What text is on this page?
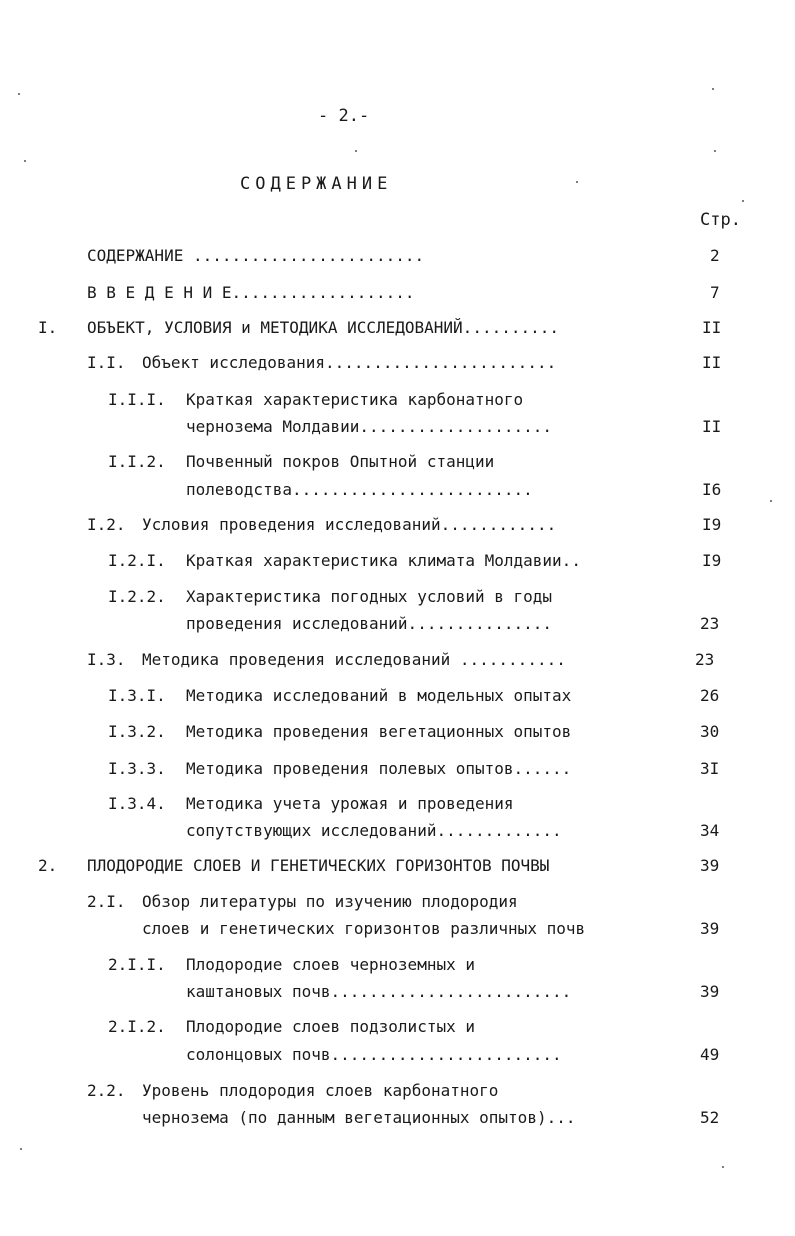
- 2.-
СОДЕРЖАНИЕ
Стр.
СОДЕРЖАНИЕ ........................	2
В В Е Д Е Н И Е...................	7
I. ОБЪЕКТ, УСЛОВИЯ и МЕТОДИКА ИССЛЕДОВАНИЙ..........	II
I.I. Объект исследования........................	II
I.I.I. Краткая характеристика карбонатного
чернозема Молдавии....................	II
I.I.2. Почвенный покров Опытной станции
полеводства.........................	I6
I.2. Условия проведения исследований............	I9
I.2.I. Краткая характеристика климата Молдавии..	I9
I.2.2. Характеристика погодных условий в годы
проведения исследований...............	23
I.3. Методика проведения исследований ...........	23
I.3.I. Методика исследований в модельных опытах	26
I.3.2. Методика проведения вегетационных опытов	30
I.3.3. Методика проведения полевых опытов......	3I
I.3.4. Методика учета урожая и проведения
сопутствующих исследований.............	34
2. ПЛОДОРОДИЕ СЛОЕВ И ГЕНЕТИЧЕСКИХ ГОРИЗОНТОВ ПОЧВЫ	39
2.I. Обзор литературы по изучению плодородия
слоев и генетических горизонтов различных почв	39
2.I.I. Плодородие слоев черноземных и
каштановых почв.........................	39
2.I.2. Плодородие слоев подзолистых и
солонцовых почв........................	49
2.2. Уровень плодородия слоев карбонатного
чернозема (по данным вегетационных опытов)...	52
